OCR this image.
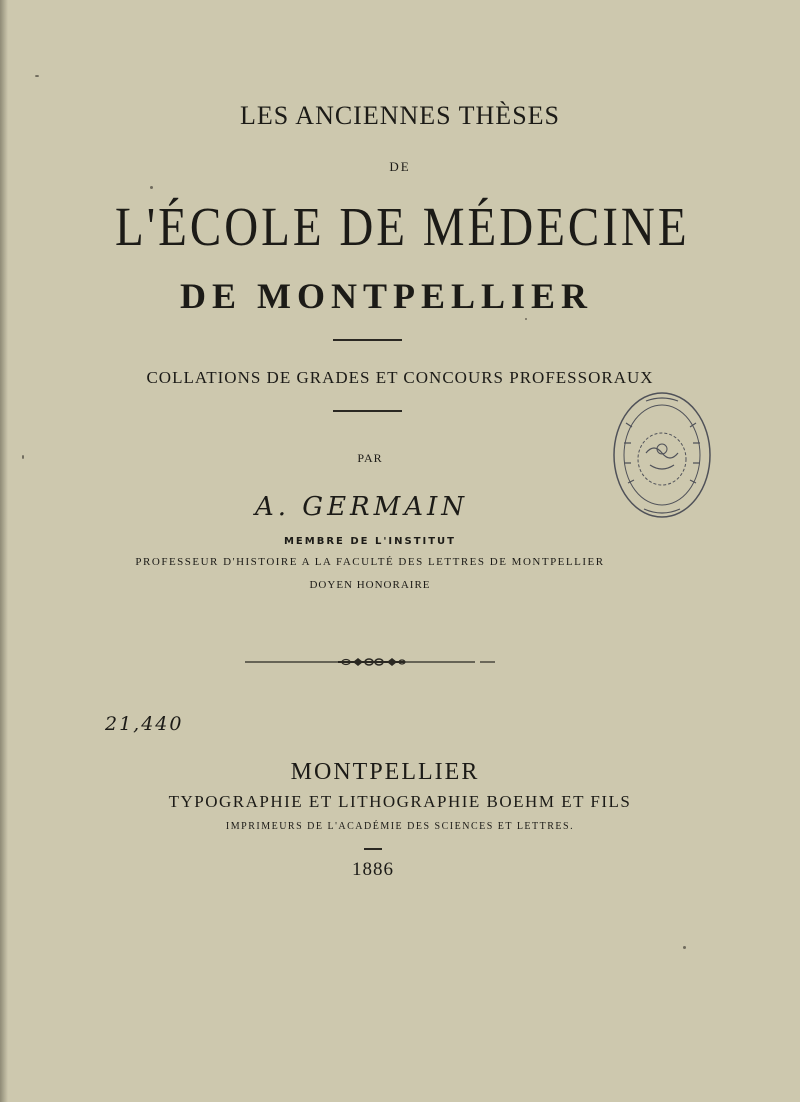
LES ANCIENNES THÈSES
DE
L'ÉCOLE DE MÉDECINE
DE MONTPELLIER
COLLATIONS DE GRADES ET CONCOURS PROFESSORAUX
PAR
A. GERMAIN
MEMBRE DE L'INSTITUT
PROFESSEUR D'HISTOIRE A LA FACULTÉ DES LETTRES DE MONTPELLIER
DOYEN HONORAIRE
21,440
MONTPELLIER
TYPOGRAPHIE ET LITHOGRAPHIE BOEHM ET FILS
IMPRIMEURS DE L'ACADÉMIE DES SCIENCES ET LETTRES.
1886
